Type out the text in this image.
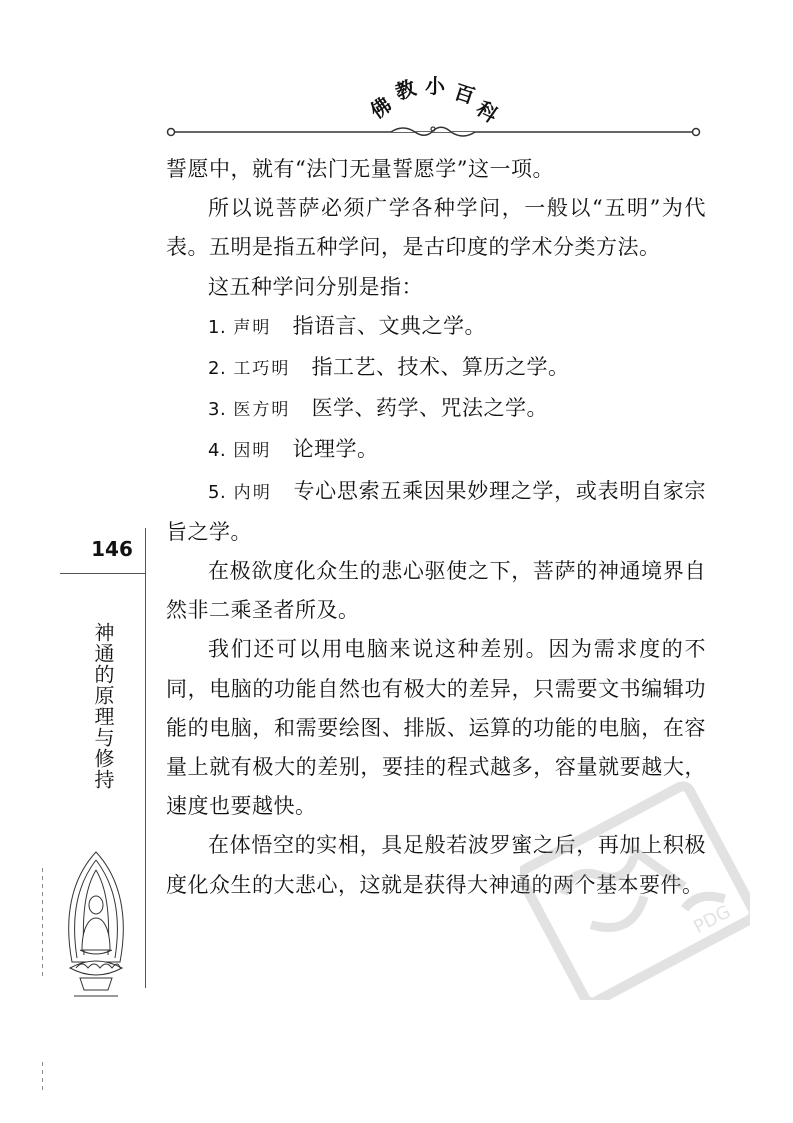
佛
教 小 百
科

誓愿中，就有“法门无量誓愿学”这一项。

所以说菩萨必须广学各种学问，一般以“五明”为代表。五明是指五种学问，是古印度的学术分类方法。

这五种学问分别是指：

1. 声明 指语言、文典之学。

2. 工巧明 指工艺、技术、算历之学。

3. 医方明 医学、药学、咒法之学。

4. 因明 论理学。

5. 内明 专心思索五乘因果妙理之学，或表明自家宗旨之学。

在极欲度化众生的悲心驱使之下，菩萨的神通境界自然非二乘圣者所及。

我们还可以用电脑来说这种差别。因为需求度的不同，电脑的功能自然也有极大的差异，只需要文书编辑功能的电脑，和需要绘图、排版、运算的功能的电脑，在容量上就有极大的差别，要挂的程式越多，容量就要越大，速度也要越快。

在体悟空的实相，具足般若波罗蜜之后，再加上积极度化众生的大悲心，这就是获得大神通的两个基本要件。

146
神通的原理与修持
PDG
